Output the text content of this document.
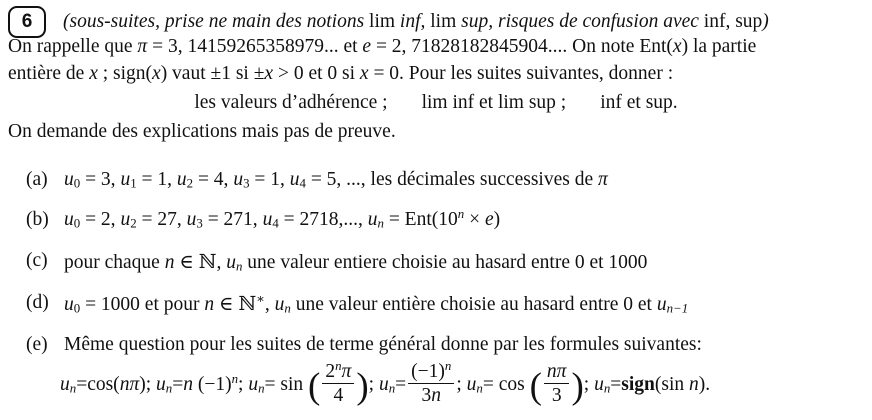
6 (sous-suites, prise ne main des notions lim inf, lim sup, risques de confusion avec inf, sup)
On rappelle que π = 3, 14159265358979... et e = 2, 71828182845904.... On note Ent(x) la partie
entière de x ; sign(x) vaut ±1 si ±x > 0 et 0 si x = 0. Pour les suites suivantes, donner :
les valeurs d’adhérence ; lim inf et lim sup ; inf et sup.
On demande des explications mais pas de preuve.
(a) $u_0 = 3$, $u_1 = 1$, $u_2 = 4$, $u_3 = 1$, $u_4 = 5$, ..., les décimales successives de π
(b) $u_0 = 2$, $u_2 = 27$, $u_3 = 271$, $u_4 = 2718$,..., $u_n = Ent(10^n \times e)$
(c) pour chaque n ∈ ℕ, $u_n$ une valeur entiere choisie au hasard entre 0 et 1000
(d) $u_0 = 1000$ et pour n ∈ ℕ∗, $u_n$ une valeur entière choisie au hasard entre 0 et $u_{n-1}$
(e) Même question pour les suites de terme général donne par les formules suivantes:
$u_n=\cos(n\pi)$; $u_n=n$ $(-1)^n$; $u_n= \sin$ ( $\frac{2^n\pi}{4}$ ); $u_n= \frac{(-1)^n}{3n}$ ; $u_n= \cos$ ( $\frac{n\pi}{3}$ ); $u_n=sign(\sin$ n).
